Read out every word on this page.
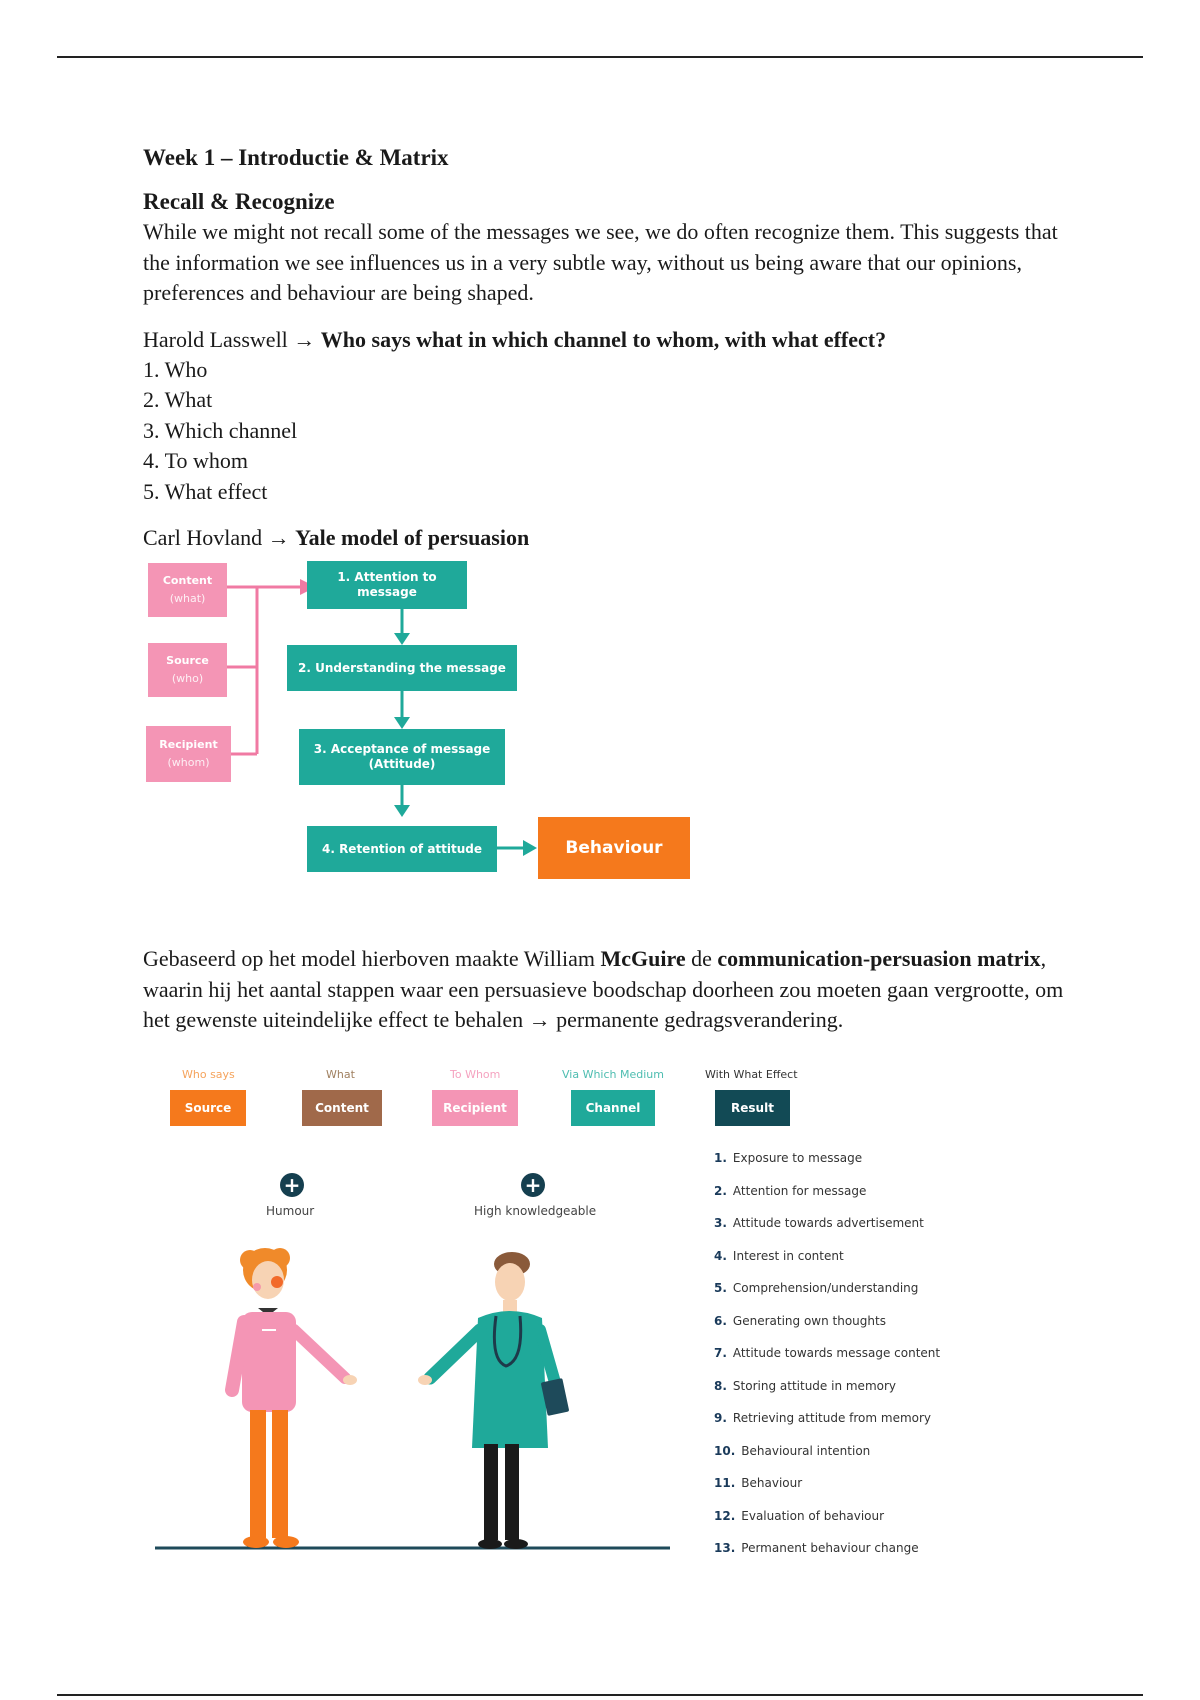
Week 1 – Introductie & Matrix

Recall & Recognize

While we might not recall some of the messages we see, we do often recognize them. This suggests that the information we see influences us in a very subtle way, without us being aware that our opinions, preferences and behaviour are being shaped.

Harold Lasswell → Who says what in which channel to whom, with what effect?

1. Who
2. What
3. Which channel
4. To whom
5. What effect

Carl Hovland → Yale model of persuasion

Content
(what)
Source
(who)
Recipient
(whom)
1. Attention to message
2. Understanding the message
3. Acceptance of message
(Attitude)
4. Retention of attitude	Behaviour

Gebaseerd op het model hierboven maakte William McGuire de communication-persuasion matrix, waarin hij het aantal stappen waar een persuasieve boodschap doorheen zou moeten gaan vergrootte, om het gewenste uiteindelijke effect te behalen → permanente gedragsverandering.

Who says	What	To Whom	Via Which Medium	With What Effect
Source	Content	Recipient	Channel	Result
+
Humour
+
High knowledgeable
1. Exposure to message
2. Attention for message
3. Attitude towards advertisement
4. Interest in content
5. Comprehension/understanding
6. Generating own thoughts
7. Attitude towards message content
8. Storing attitude in memory
9. Retrieving attitude from memory
10. Behavioural intention
11. Behaviour
12. Evaluation of behaviour
13. Permanent behaviour change
